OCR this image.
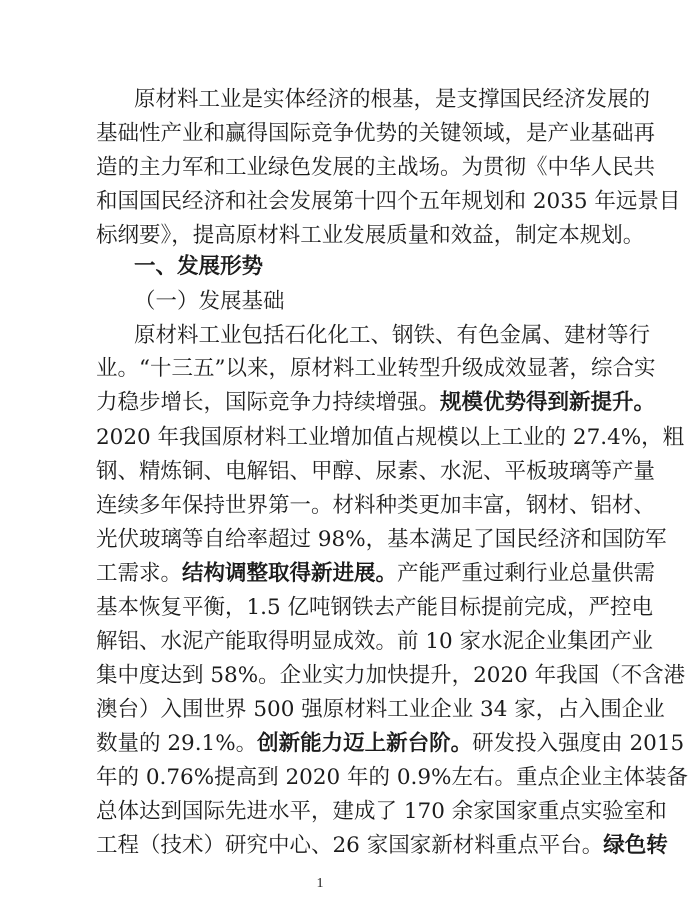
原材料工业是实体经济的根基，是支撑国民经济发展的
基础性产业和赢得国际竞争优势的关键领域，是产业基础再
造的主力军和工业绿色发展的主战场。为贯彻《中华人民共
和国国民经济和社会发展第十四个五年规划和 2035 年远景目
标纲要》，提高原材料工业发展质量和效益，制定本规划。
一、发展形势
（一）发展基础
原材料工业包括石化化工、钢铁、有色金属、建材等行
业。“十三五”以来，原材料工业转型升级成效显著，综合实
力稳步增长，国际竞争力持续增强。规模优势得到新提升。
2020 年我国原材料工业增加值占规模以上工业的 27.4%，粗
钢、精炼铜、电解铝、甲醇、尿素、水泥、平板玻璃等产量
连续多年保持世界第一。材料种类更加丰富，钢材、铝材、
光伏玻璃等自给率超过 98%，基本满足了国民经济和国防军
工需求。结构调整取得新进展。产能严重过剩行业总量供需
基本恢复平衡，1.5 亿吨钢铁去产能目标提前完成，严控电
解铝、水泥产能取得明显成效。前 10 家水泥企业集团产业
集中度达到 58%。企业实力加快提升，2020 年我国（不含港
澳台）入围世界 500 强原材料工业企业 34 家，占入围企业
数量的 29.1%。创新能力迈上新台阶。研发投入强度由 2015
年的 0.76%提高到 2020 年的 0.9%左右。重点企业主体装备
总体达到国际先进水平，建成了 170 余家国家重点实验室和
工程（技术）研究中心、26 家国家新材料重点平台。绿色转
1
